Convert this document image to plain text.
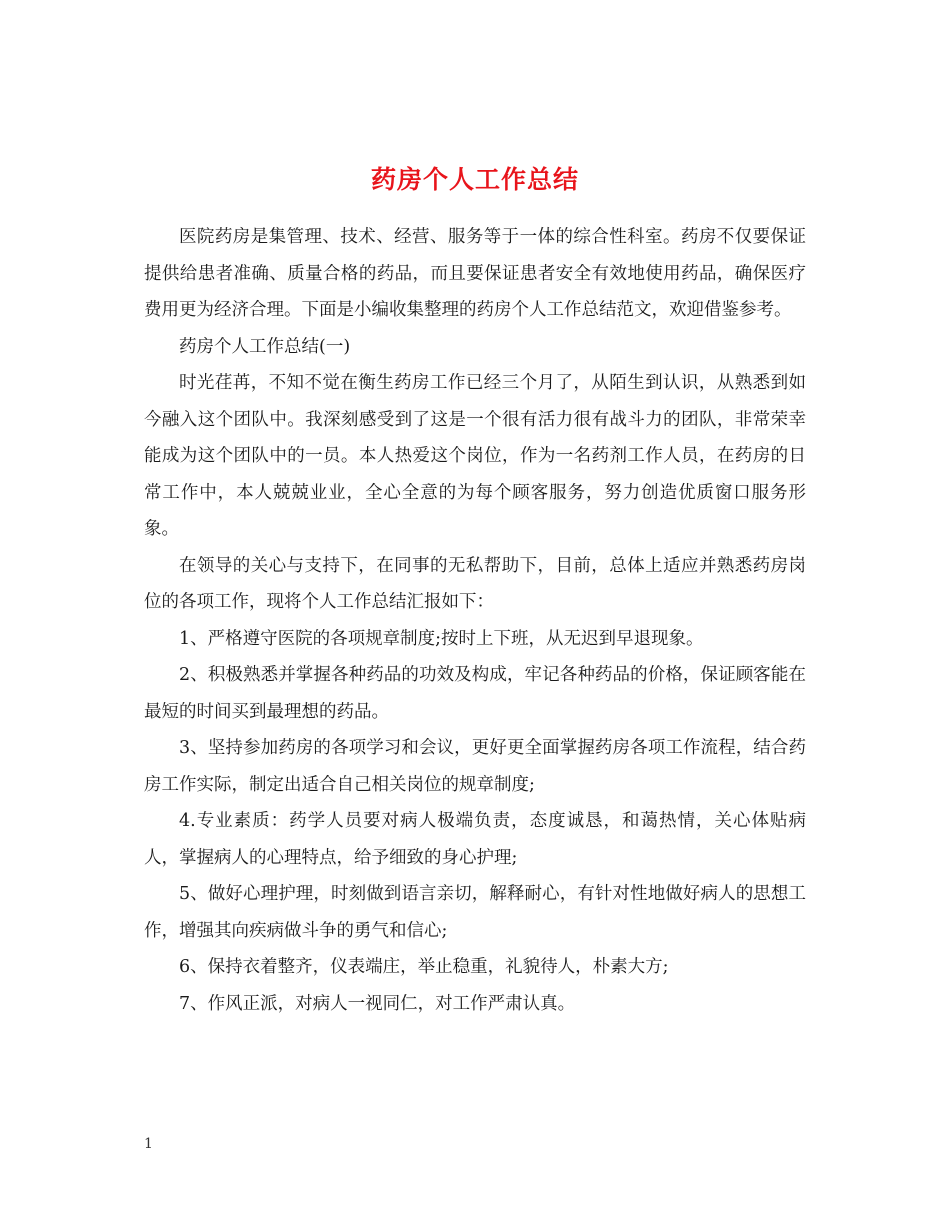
药房个人工作总结

医院药房是集管理、技术、经营、服务等于一体的综合性科室。药房不仅要保证提供给患者准确、质量合格的药品，而且要保证患者安全有效地使用药品，确保医疗费用更为经济合理。下面是小编收集整理的药房个人工作总结范文，欢迎借鉴参考。

药房个人工作总结(一)

时光荏苒，不知不觉在衡生药房工作已经三个月了，从陌生到认识，从熟悉到如今融入这个团队中。我深刻感受到了这是一个很有活力很有战斗力的团队，非常荣幸能成为这个团队中的一员。本人热爱这个岗位，作为一名药剂工作人员，在药房的日常工作中，本人兢兢业业，全心全意的为每个顾客服务，努力创造优质窗口服务形象。

在领导的关心与支持下，在同事的无私帮助下，目前，总体上适应并熟悉药房岗位的各项工作，现将个人工作总结汇报如下：

1、严格遵守医院的各项规章制度;按时上下班，从无迟到早退现象。

2、积极熟悉并掌握各种药品的功效及构成，牢记各种药品的价格，保证顾客能在最短的时间买到最理想的药品。

3、坚持参加药房的各项学习和会议，更好更全面掌握药房各项工作流程，结合药房工作实际，制定出适合自己相关岗位的规章制度;

4.专业素质：药学人员要对病人极端负责，态度诚恳，和蔼热情，关心体贴病人，掌握病人的心理特点，给予细致的身心护理;

5、做好心理护理，时刻做到语言亲切，解释耐心，有针对性地做好病人的思想工作，增强其向疾病做斗争的勇气和信心;

6、保持衣着整齐，仪表端庄，举止稳重，礼貌待人，朴素大方;

7、作风正派，对病人一视同仁，对工作严肃认真。

1
